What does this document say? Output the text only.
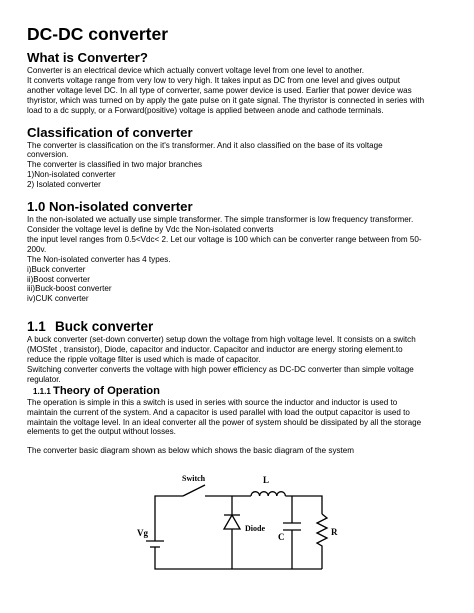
DC-DC converter
What is Converter?
Converter is an electrical device which actually convert voltage level from one level to another.
It converts voltage range from very low to very high. It takes input as DC from one level and gives output
another voltage level DC. In all type of converter, same power device is used. Earlier that power device was
thyristor, which was turned on by apply the gate pulse on it gate signal. The thyristor is connected in series with
load to a dc supply, or a Forward(positive) voltage is applied between anode and cathode terminals.
Classification of converter
The converter is classification on the it's transformer. And it also classified on the base of its voltage
conversion.
The converter is classified in two major branches
1)Non-isolated converter
2) Isolated converter
1.0 Non-isolated converter
In the non-isolated we actually use simple transformer. The simple transformer is low frequency transformer.
Consider the voltage level is define by Vdc the Non-isolated converts
the input level ranges from 0.5<Vdc< 2. Let our voltage is 100 which can be converter range between from 50-
200v.
The Non-isolated converter has 4 types.
i)Buck converter
ii)Boost converter
iii)Buck-boost converter
iv)CUK converter
1.1 Buck converter
A buck converter (set-down converter) setup down the voltage from high voltage level. It consists on a switch
(MOSfet , transistor), Diode, capacitor and inductor. Capacitor and inductor are energy storing element.to
reduce the ripple voltage filter is used which is made of capacitor.
Switching converter converts the voltage with high power efficiency as DC-DC converter than simple voltage
regulator.
1.1.1 Theory of Operation
The operation is simple in this a switch is used in series with source the inductor and inductor is used to
maintain the current of the system. And a capacitor is used parallel with load the output capacitor is used to
maintain the voltage level. In an ideal converter all the power of system should be dissipated by all the storage
elements to get the output without losses.
The converter basic diagram shown as below which shows the basic diagram of the system
Switch	L
Vg	Diode
C	R
